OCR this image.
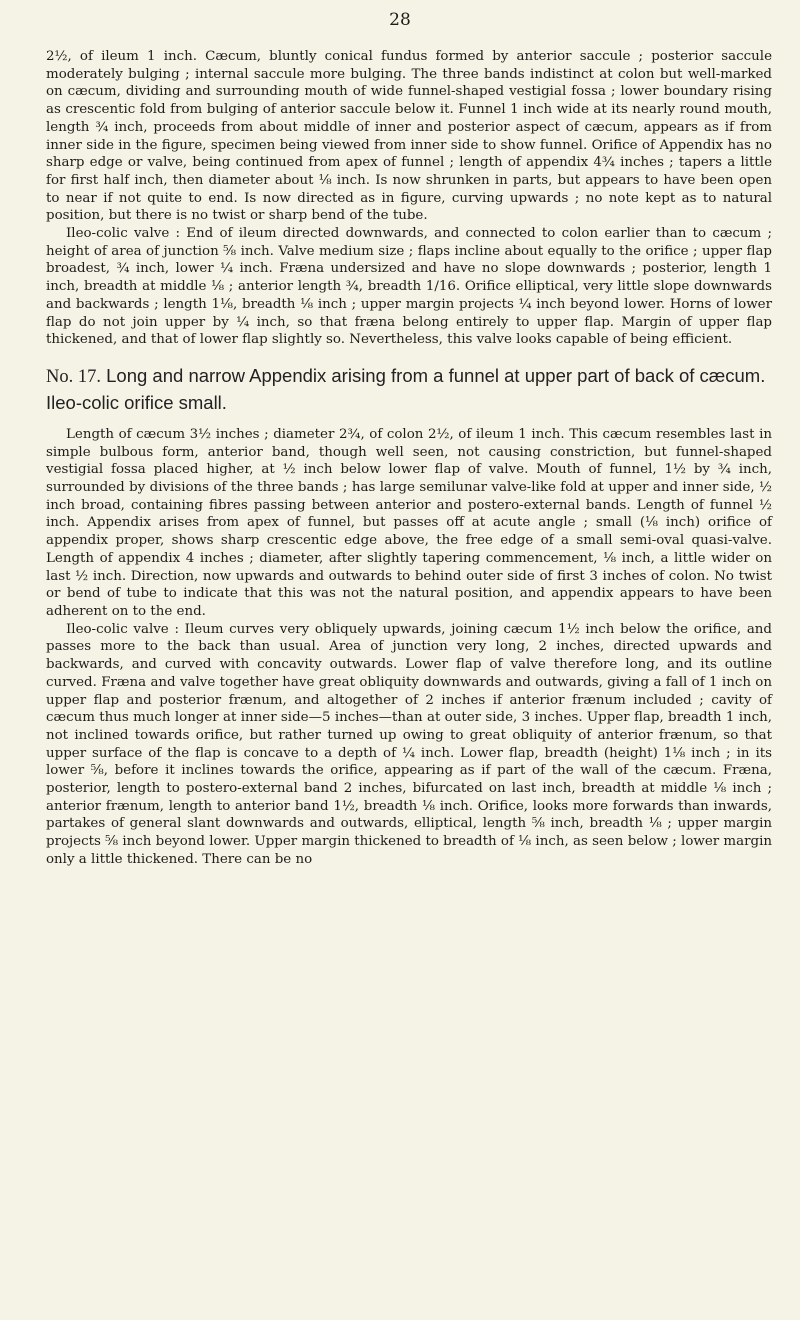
28

2½, of ileum 1 inch. Cæcum, bluntly conical fundus formed by anterior saccule ; posterior saccule moderately bulging ; internal saccule more bulging. The three bands indistinct at colon but well-marked on cæcum, dividing and surrounding mouth of wide funnel-shaped vestigial fossa ; lower boundary rising as crescentic fold from bulging of anterior saccule below it. Funnel 1 inch wide at its nearly round mouth, length ¾ inch, proceeds from about middle of inner and posterior aspect of cæcum, appears as if from inner side in the figure, specimen being viewed from inner side to show funnel. Orifice of Appendix has no sharp edge or valve, being continued from apex of funnel ; length of appendix 4¾ inches ; tapers a little for first half inch, then diameter about ⅛ inch. Is now shrunken in parts, but appears to have been open to near if not quite to end. Is now directed as in figure, curving upwards ; no note kept as to natural position, but there is no twist or sharp bend of the tube.

Ileo-colic valve : End of ileum directed downwards, and connected to colon earlier than to cæcum ; height of area of junction ⅝ inch. Valve medium size ; flaps incline about equally to the orifice ; upper flap broadest, ¾ inch, lower ¼ inch. Fræna undersized and have no slope downwards ; posterior, length 1 inch, breadth at middle ⅛ ; anterior length ¾, breadth 1/16. Orifice elliptical, very little slope downwards and backwards ; length 1⅛, breadth ⅛ inch ; upper margin projects ¼ inch beyond lower. Horns of lower flap do not join upper by ¼ inch, so that fræna belong entirely to upper flap. Margin of upper flap thickened, and that of lower flap slightly so. Nevertheless, this valve looks capable of being efficient.

No. 17. Long and narrow Appendix arising from a funnel at upper part of back of cæcum. Ileo-colic orifice small.

Length of cæcum 3½ inches ; diameter 2¾, of colon 2½, of ileum 1 inch. This cæcum resembles last in simple bulbous form, anterior band, though well seen, not causing constriction, but funnel-shaped vestigial fossa placed higher, at ½ inch below lower flap of valve. Mouth of funnel, 1½ by ¾ inch, surrounded by divisions of the three bands ; has large semilunar valve-like fold at upper and inner side, ½ inch broad, containing fibres passing between anterior and postero-external bands. Length of funnel ½ inch. Appendix arises from apex of funnel, but passes off at acute angle ; small (⅛ inch) orifice of appendix proper, shows sharp crescentic edge above, the free edge of a small semi-oval quasi-valve. Length of appendix 4 inches ; diameter, after slightly tapering commencement, ⅛ inch, a little wider on last ½ inch. Direction, now upwards and outwards to behind outer side of first 3 inches of colon. No twist or bend of tube to indicate that this was not the natural position, and appendix appears to have been adherent on to the end.

Ileo-colic valve : Ileum curves very obliquely upwards, joining cæcum 1½ inch below the orifice, and passes more to the back than usual. Area of junction very long, 2 inches, directed upwards and backwards, and curved with concavity outwards. Lower flap of valve therefore long, and its outline curved. Fræna and valve together have great obliquity downwards and outwards, giving a fall of 1 inch on upper flap and posterior frænum, and altogether of 2 inches if anterior frænum included ; cavity of cæcum thus much longer at inner side—5 inches—than at outer side, 3 inches. Upper flap, breadth 1 inch, not inclined towards orifice, but rather turned up owing to great obliquity of anterior frænum, so that upper surface of the flap is concave to a depth of ¼ inch. Lower flap, breadth (height) 1⅛ inch ; in its lower ⅝, before it inclines towards the orifice, appearing as if part of the wall of the cæcum. Fræna, posterior, length to postero-external band 2 inches, bifurcated on last inch, breadth at middle ⅛ inch ; anterior frænum, length to anterior band 1½, breadth ⅛ inch. Orifice, looks more forwards than inwards, partakes of general slant downwards and outwards, elliptical, length ⅝ inch, breadth ⅛ ; upper margin projects ⅝ inch beyond lower. Upper margin thickened to breadth of ⅛ inch, as seen below ; lower margin only a little thickened. There can be no
